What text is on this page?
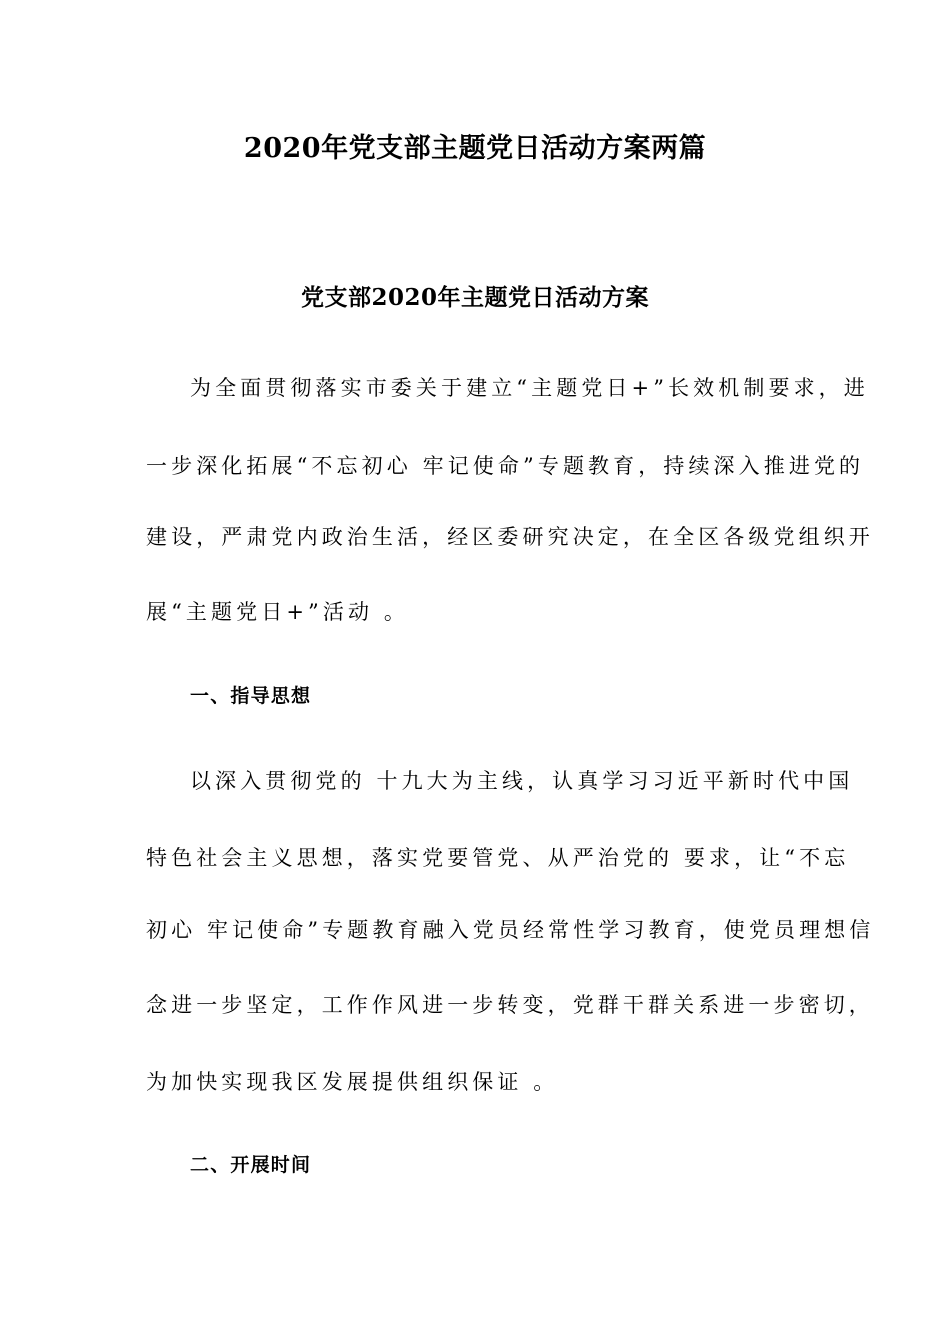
2020年党支部主题党日活动方案两篇
党支部2020年主题党日活动方案

为全面贯彻落实市委关于建立“主题党日+”长效机制要求，进

一步深化拓展“不忘初心 牢记使命”专题教育，持续深入推进党的

建设，严肃党内政治生活，经区委研究决定，在全区各级党组织开

展“主题党日+”活动 。

一、指导思想

以深入贯彻党的 十九大为主线，认真学习习近平新时代中国

特色社会主义思想，落实党要管党、从严治党的 要求，让“不忘

初心 牢记使命”专题教育融入党员经常性学习教育，使党员理想信

念进一步坚定，工作作风进一步转变，党群干群关系进一步密切，

为加快实现我区发展提供组织保证 。

二、开展时间
